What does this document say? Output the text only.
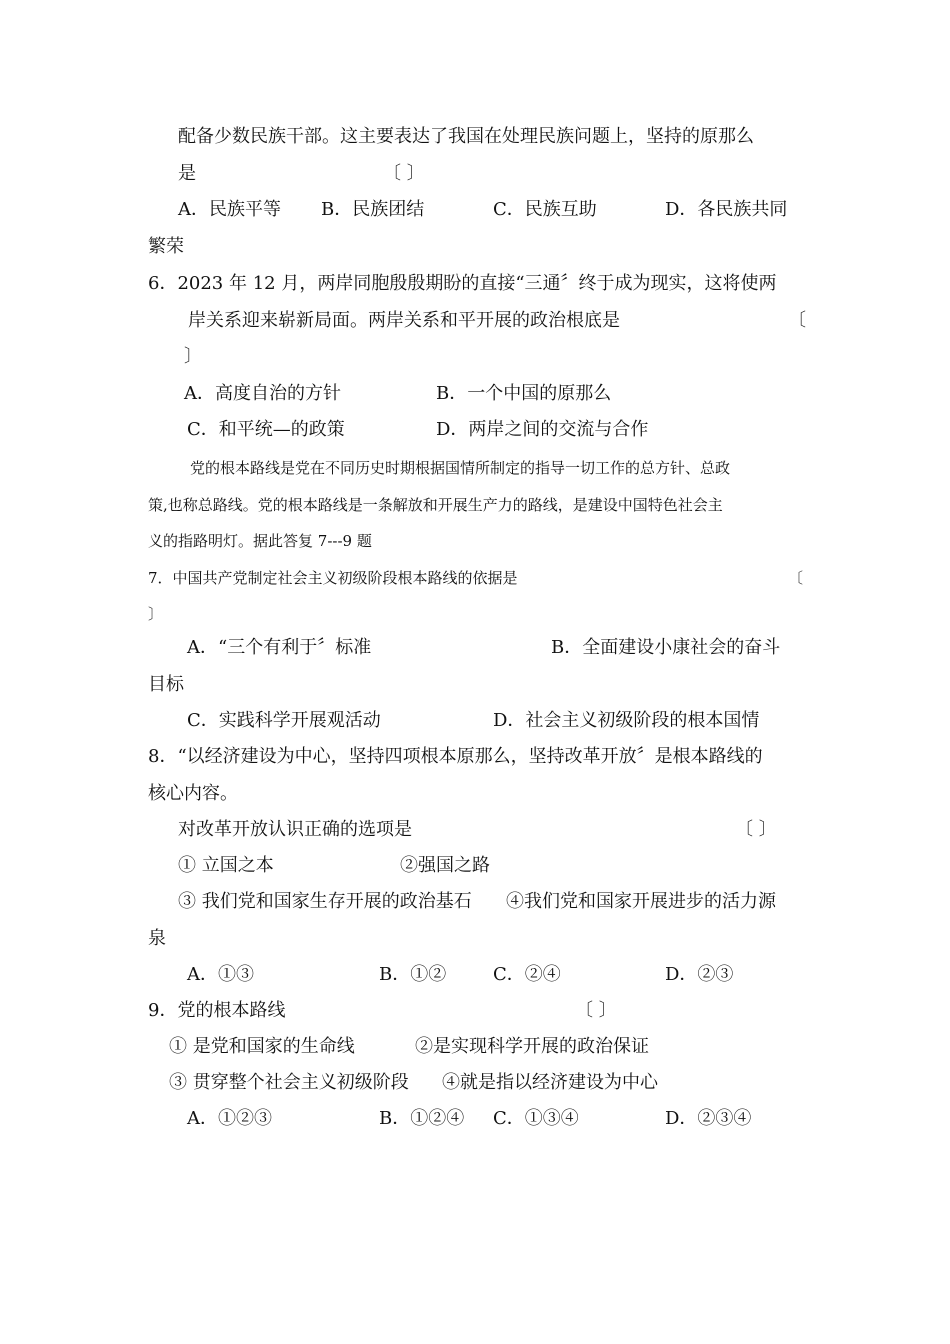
配备少数民族干部。这主要表达了我国在处理民族问题上，坚持的原那么
是	〔 〕
A．民族平等 B．民族团结	C．民族互助	D．各民族共同
繁荣
6．2023 年 12 月，两岸同胞殷殷期盼的直接“三通〞终于成为现实，这将使两
岸关系迎来崭新局面。两岸关系和平开展的政治根底是	〔
〕
A．高度自治的方针	B．一个中国的原那么
C．和平统—的政策	D．两岸之间的交流与合作
党的根本路线是党在不同历史时期根据国情所制定的指导一切工作的总方针、总政
策,也称总路线。党的根本路线是一条解放和开展生产力的路线，是建设中国特色社会主
义的指路明灯。据此答复 7---9 题
7．中国共产党制定社会主义初级阶段根本路线的依据是	〔
〕
A．“三个有利于〞标准	B．全面建设小康社会的奋斗
目标
C．实践科学开展观活动	D．社会主义初级阶段的根本国情
8．“以经济建设为中心，坚持四项根本原那么，坚持改革开放〞是根本路线的
核心内容。
对改革开放认识正确的选项是	〔 〕
① 立国之本	②强国之路
③ 我们党和国家生存开展的政治基石 ④我们党和国家开展进步的活力源
泉
A．①③	B．①②	C．②④	D．②③
9．党的根本路线	〔 〕
① 是党和国家的生命线	②是实现科学开展的政治保证
③ 贯穿整个社会主义初级阶段 ④就是指以经济建设为中心
A．①②③	B．①②④ C．①③④	D．②③④
